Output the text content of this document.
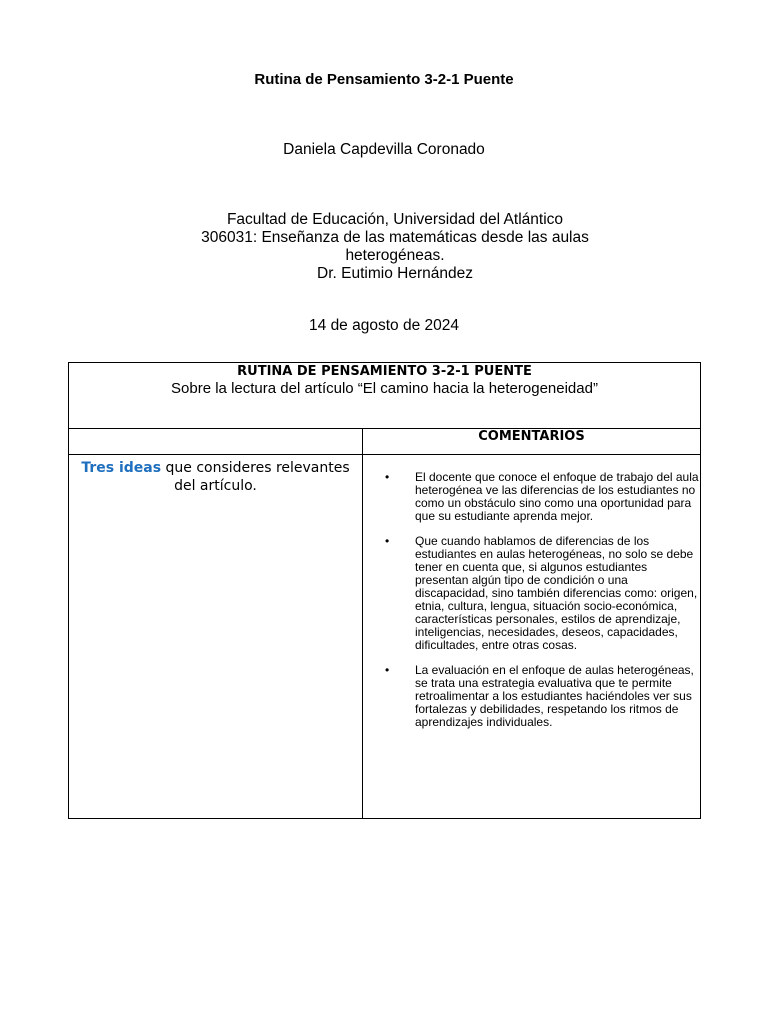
Rutina de Pensamiento 3-2-1 Puente
Daniela Capdevilla Coronado
Facultad de Educación, Universidad del Atlántico
306031: Enseñanza de las matemáticas desde las aulas heterogéneas.
Dr. Eutimio Hernández
14 de agosto de 2024
RUTINA DE PENSAMIENTO 3-2-1 PUENTE
Sobre la lectura del artículo “El camino hacia la heterogeneidad”
COMENTARIOS
Tres ideas que consideres relevantes del artículo.
• El docente que conoce el enfoque de trabajo del aula heterogénea ve las diferencias de los estudiantes no como un obstáculo sino como una oportunidad para que su estudiante aprenda mejor.
• Que cuando hablamos de diferencias de los estudiantes en aulas heterogéneas, no solo se debe tener en cuenta que, si algunos estudiantes presentan algún tipo de condición o una discapacidad, sino también diferencias como: origen, etnia, cultura, lengua, situación socio-económica, características personales, estilos de aprendizaje, inteligencias, necesidades, deseos, capacidades, dificultades, entre otras cosas.
• La evaluación en el enfoque de aulas heterogéneas, se trata una estrategia evaluativa que te permite retroalimentar a los estudiantes haciéndoles ver sus fortalezas y debilidades, respetando los ritmos de aprendizajes individuales.
